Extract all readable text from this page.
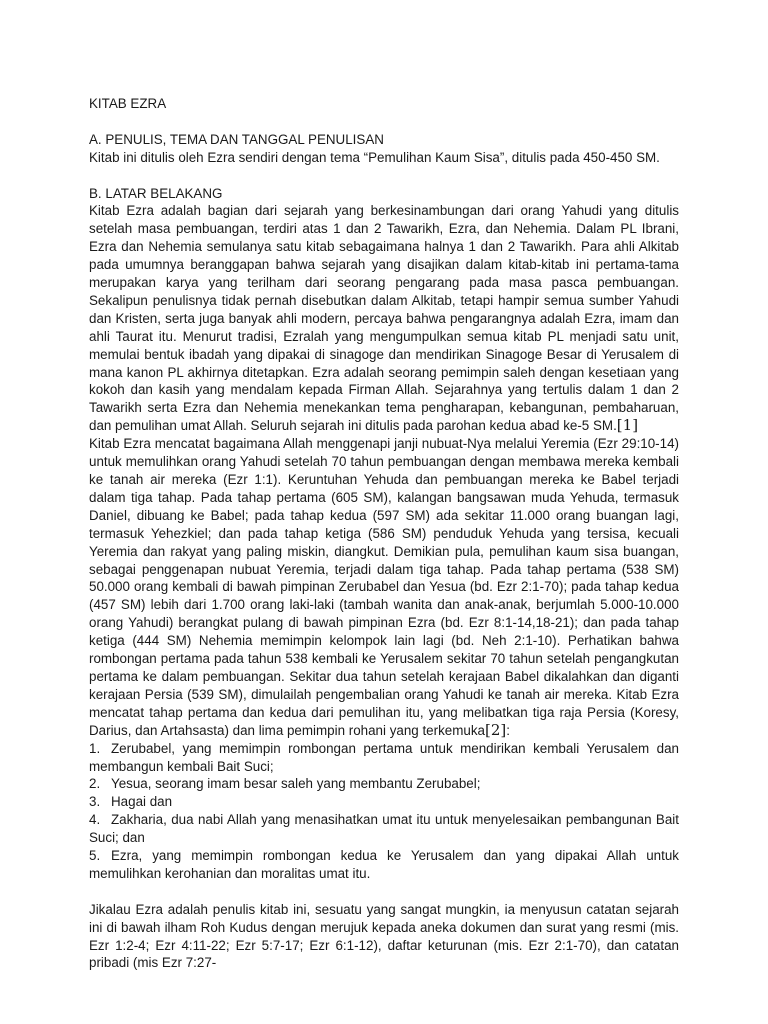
KITAB EZRA

A. PENULIS, TEMA DAN TANGGAL PENULISAN

Kitab ini ditulis oleh Ezra sendiri dengan tema “Pemulihan Kaum Sisa”, ditulis pada 450-450 SM.

B. LATAR BELAKANG

Kitab Ezra adalah bagian dari sejarah yang berkesinambungan dari orang Yahudi yang ditulis setelah masa pembuangan, terdiri atas 1 dan 2 Tawarikh, Ezra, dan Nehemia. Dalam PL Ibrani, Ezra dan Nehemia semulanya satu kitab sebagaimana halnya 1 dan 2 Tawarikh. Para ahli Alkitab pada umumnya beranggapan bahwa sejarah yang disajikan dalam kitab-kitab ini pertama-tama merupakan karya yang terilham dari seorang pengarang pada masa pasca pembuangan. Sekalipun penulisnya tidak pernah disebutkan dalam Alkitab, tetapi hampir semua sumber Yahudi dan Kristen, serta juga banyak ahli modern, percaya bahwa pengarangnya adalah Ezra, imam dan ahli Taurat itu. Menurut tradisi, Ezralah yang mengumpulkan semua kitab PL menjadi satu unit, memulai bentuk ibadah yang dipakai di sinagoge dan mendirikan Sinagoge Besar di Yerusalem di mana kanon PL akhirnya ditetapkan. Ezra adalah seorang pemimpin saleh dengan kesetiaan yang kokoh dan kasih yang mendalam kepada Firman Allah. Sejarahnya yang tertulis dalam 1 dan 2 Tawarikh serta Ezra dan Nehemia menekankan tema pengharapan, kebangunan, pembaharuan, dan pemulihan umat Allah. Seluruh sejarah ini ditulis pada parohan kedua abad ke-5 SM.[1]

Kitab Ezra mencatat bagaimana Allah menggenapi janji nubuat-Nya melalui Yeremia (Ezr 29:10-14) untuk memulihkan orang Yahudi setelah 70 tahun pembuangan dengan membawa mereka kembali ke tanah air mereka (Ezr 1:1). Keruntuhan Yehuda dan pembuangan mereka ke Babel terjadi dalam tiga tahap. Pada tahap pertama (605 SM), kalangan bangsawan muda Yehuda, termasuk Daniel, dibuang ke Babel; pada tahap kedua (597 SM) ada sekitar 11.000 orang buangan lagi, termasuk Yehezkiel; dan pada tahap ketiga (586 SM) penduduk Yehuda yang tersisa, kecuali Yeremia dan rakyat yang paling miskin, diangkut. Demikian pula, pemulihan kaum sisa buangan, sebagai penggenapan nubuat Yeremia, terjadi dalam tiga tahap. Pada tahap pertama (538 SM) 50.000 orang kembali di bawah pimpinan Zerubabel dan Yesua (bd. Ezr 2:1-70); pada tahap kedua (457 SM) lebih dari 1.700 orang laki-laki (tambah wanita dan anak-anak, berjumlah 5.000-10.000 orang Yahudi) berangkat pulang di bawah pimpinan Ezra (bd. Ezr 8:1-14,18-21); dan pada tahap ketiga (444 SM) Nehemia memimpin kelompok lain lagi (bd. Neh 2:1-10). Perhatikan bahwa rombongan pertama pada tahun 538 kembali ke Yerusalem sekitar 70 tahun setelah pengangkutan pertama ke dalam pembuangan. Sekitar dua tahun setelah kerajaan Babel dikalahkan dan diganti kerajaan Persia (539 SM), dimulailah pengembalian orang Yahudi ke tanah air mereka. Kitab Ezra mencatat tahap pertama dan kedua dari pemulihan itu, yang melibatkan tiga raja Persia (Koresy, Darius, dan Artahsasta) dan lima pemimpin rohani yang terkemuka[2]:

1. Zerubabel, yang memimpin rombongan pertama untuk mendirikan kembali Yerusalem dan membangun kembali Bait Suci;

2. Yesua, seorang imam besar saleh yang membantu Zerubabel;

3. Hagai dan

4. Zakharia, dua nabi Allah yang menasihatkan umat itu untuk menyelesaikan pembangunan Bait Suci; dan

5. Ezra, yang memimpin rombongan kedua ke Yerusalem dan yang dipakai Allah untuk memulihkan kerohanian dan moralitas umat itu.

Jikalau Ezra adalah penulis kitab ini, sesuatu yang sangat mungkin, ia menyusun catatan sejarah ini di bawah ilham Roh Kudus dengan merujuk kepada aneka dokumen dan surat yang resmi (mis. Ezr 1:2-4; Ezr 4:11-22; Ezr 5:7-17; Ezr 6:1-12), daftar keturunan (mis. Ezr 2:1-70), dan catatan pribadi (mis Ezr 7:27-
